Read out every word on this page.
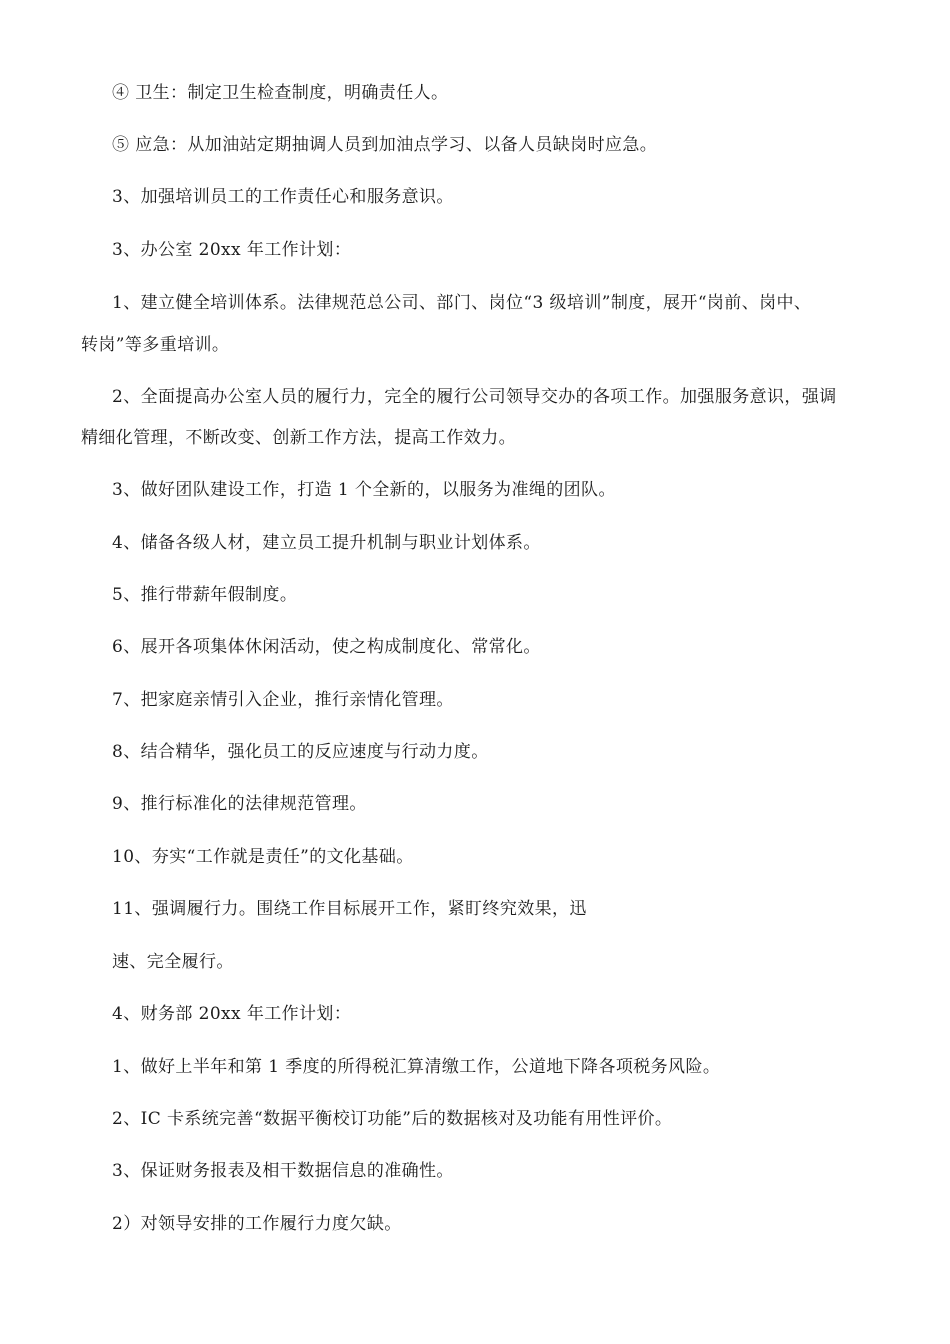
④ 卫生：制定卫生检查制度，明确责任人。
⑤ 应急：从加油站定期抽调人员到加油点学习、以备人员缺岗时应急。
3、加强培训员工的工作责任心和服务意识。
3、办公室 20xx 年工作计划：
1、建立健全培训体系。法律规范总公司、部门、岗位“3 级培训”制度，展开“岗前、岗中、
转岗”等多重培训。
2、全面提高办公室人员的履行力，完全的履行公司领导交办的各项工作。加强服务意识，强调
精细化管理，不断改变、创新工作方法，提高工作效力。
3、做好团队建设工作，打造 1 个全新的，以服务为准绳的团队。
4、储备各级人材，建立员工提升机制与职业计划体系。
5、推行带薪年假制度。
6、展开各项集体休闲活动，使之构成制度化、常常化。
7、把家庭亲情引入企业，推行亲情化管理。
8、结合精华，强化员工的反应速度与行动力度。
9、推行标准化的法律规范管理。
10、夯实“工作就是责任”的文化基础。
11、强调履行力。围绕工作目标展开工作，紧盯终究效果，迅
速、完全履行。
4、财务部 20xx 年工作计划：
1、做好上半年和第 1 季度的所得税汇算清缴工作，公道地下降各项税务风险。
2、IC 卡系统完善“数据平衡校订功能”后的数据核对及功能有用性评价。
3、保证财务报表及相干数据信息的准确性。
2）对领导安排的工作履行力度欠缺。
